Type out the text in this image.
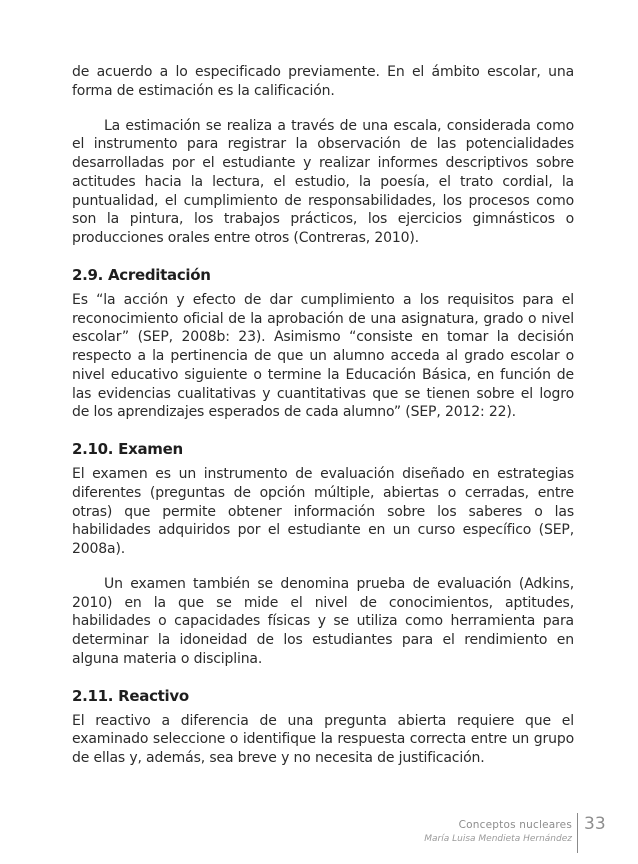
de acuerdo a lo especificado previamente. En el ámbito escolar, una forma de estimación es la calificación.

La estimación se realiza a través de una escala, considerada como el instrumento para registrar la observación de las potencialidades desarrolladas por el estudiante y realizar informes descriptivos sobre actitudes hacia la lectura, el estudio, la poesía, el trato cordial, la puntualidad, el cumplimiento de responsabilidades, los procesos como son la pintura, los trabajos prácticos, los ejercicios gimnásticos o producciones orales entre otros (Contreras, 2010).

2.9. Acreditación

Es “la acción y efecto de dar cumplimiento a los requisitos para el reconocimiento oficial de la aprobación de una asignatura, grado o nivel escolar” (SEP, 2008b: 23). Asimismo “consiste en tomar la decisión respecto a la pertinencia de que un alumno acceda al grado escolar o nivel educativo siguiente o termine la Educación Básica, en función de las evidencias cualitativas y cuantitativas que se tienen sobre el logro de los aprendizajes esperados de cada alumno” (SEP, 2012: 22).

2.10. Examen

El examen es un instrumento de evaluación diseñado en estrategias diferentes (preguntas de opción múltiple, abiertas o cerradas, entre otras) que permite obtener información sobre los saberes o las habilidades adquiridos por el estudiante en un curso específico (SEP, 2008a).

Un examen también se denomina prueba de evaluación (Adkins, 2010) en la que se mide el nivel de conocimientos, aptitudes, habilidades o capacidades físicas y se utiliza como herramienta para determinar la idoneidad de los estudiantes para el rendimiento en alguna materia o disciplina.

2.11. Reactivo

El reactivo a diferencia de una pregunta abierta requiere que el examinado seleccione o identifique la respuesta correcta entre un grupo de ellas y, además, sea breve y no necesita de justificación.

Conceptos nucleares
María Luisa Mendieta Hernández
33
